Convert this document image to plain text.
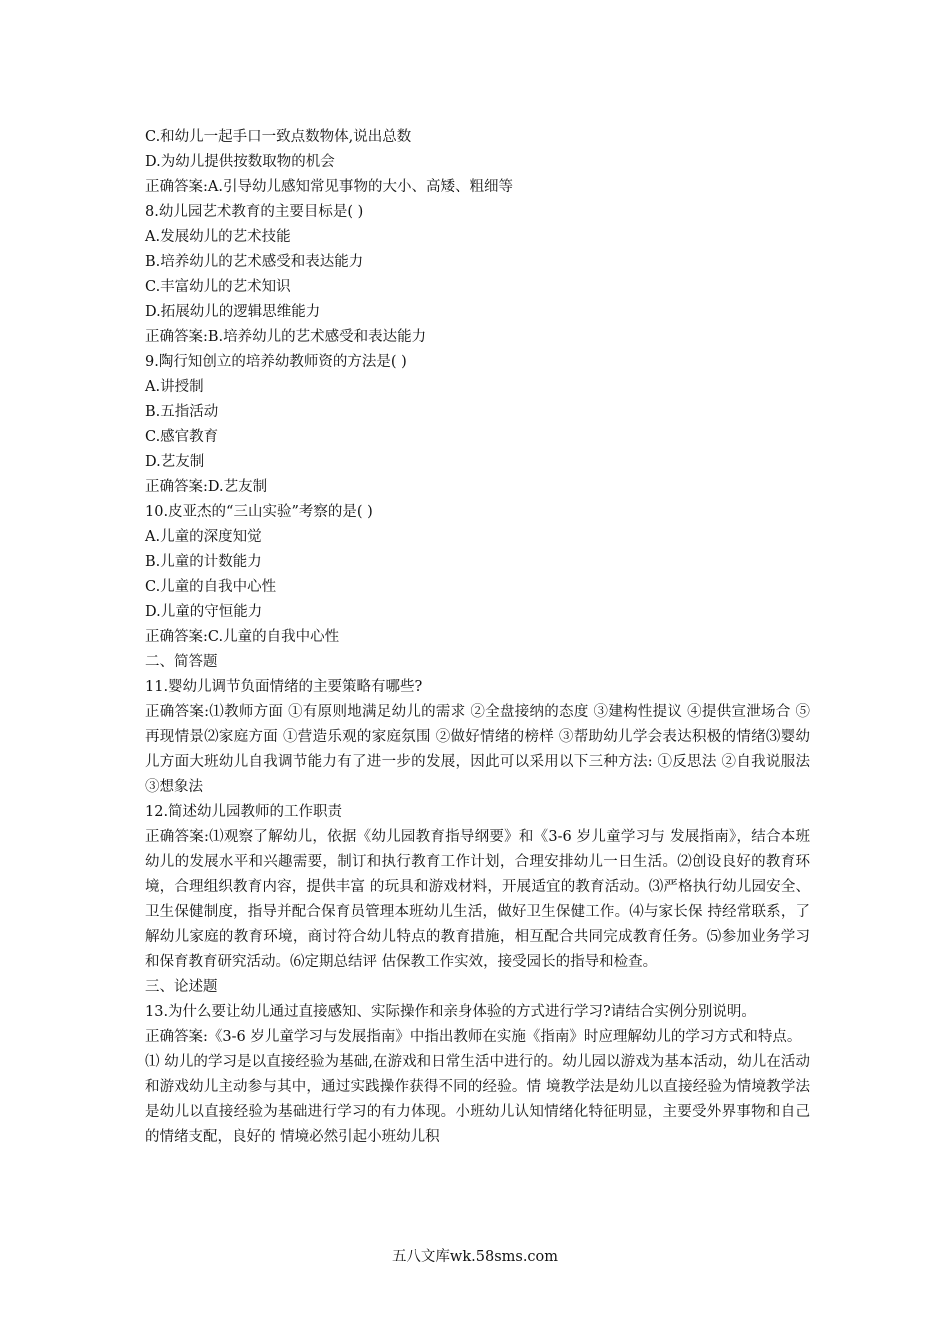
C.和幼儿一起手口一致点数物体,说出总数

D.为幼儿提供按数取物的机会

正确答案:A.引导幼儿感知常见事物的大小、高矮、粗细等

8.幼儿园艺术教育的主要目标是( )

A.发展幼儿的艺术技能

B.培养幼儿的艺术感受和表达能力

C.丰富幼儿的艺术知识

D.拓展幼儿的逻辑思维能力

正确答案:B.培养幼儿的艺术感受和表达能力

9.陶行知创立的培养幼教师资的方法是( )

A.讲授制

B.五指活动

C.感官教育

D.艺友制

正确答案:D.艺友制

10.皮亚杰的“三山实验”考察的是( )

A.儿童的深度知觉

B.儿童的计数能力

C.儿童的自我中心性

D.儿童的守恒能力

正确答案:C.儿童的自我中心性

二、简答题

11.婴幼儿调节负面情绪的主要策略有哪些?

正确答案:⑴教师方面 ①有原则地满足幼儿的需求 ②全盘接纳的态度 ③建构性提议 ④提供宣泄场合 ⑤再现情景⑵家庭方面 ①营造乐观的家庭氛围 ②做好情绪的榜样 ③帮助幼儿学会表达积极的情绪⑶婴幼儿方面大班幼儿自我调节能力有了进一步的发展，因此可以采用以下三种方法: ①反思法 ②自我说服法 ③想象法

12.简述幼儿园教师的工作职责

正确答案:⑴观察了解幼儿，依据《幼儿园教育指导纲要》和《3-6 岁儿童学习与 发展指南》，结合本班幼儿的发展水平和兴趣需要，制订和执行教育工作计划，合理安排幼儿一日生活。⑵创设良好的教育环境，合理组织教育内容，提供丰富 的玩具和游戏材料，开展适宜的教育活动。⑶严格执行幼儿园安全、卫生保健制度，指导并配合保育员管理本班幼儿生活，做好卫生保健工作。⑷与家长保 持经常联系，了解幼儿家庭的教育环境，商讨符合幼儿特点的教育措施，相互配合共同完成教育任务。⑸参加业务学习和保育教育研究活动。⑹定期总结评 估保教工作实效，接受园长的指导和检查。

三、论述题

13.为什么要让幼儿通过直接感知、实际操作和亲身体验的方式进行学习?请结合实例分别说明。

正确答案:《3-6 岁儿童学习与发展指南》中指出教师在实施《指南》时应理解幼儿的学习方式和特点。

⑴ 幼儿的学习是以直接经验为基础,在游戏和日常生活中进行的。幼儿园以游戏为基本活动，幼儿在活动和游戏幼儿主动参与其中，通过实践操作获得不同的经验。情 境教学法是幼儿以直接经验为情境教学法是幼儿以直接经验为基础进行学习的有力体现。小班幼儿认知情绪化特征明显，主要受外界事物和自己的情绪支配，良好的 情境必然引起小班幼儿积

五八文库wk.58sms.com
